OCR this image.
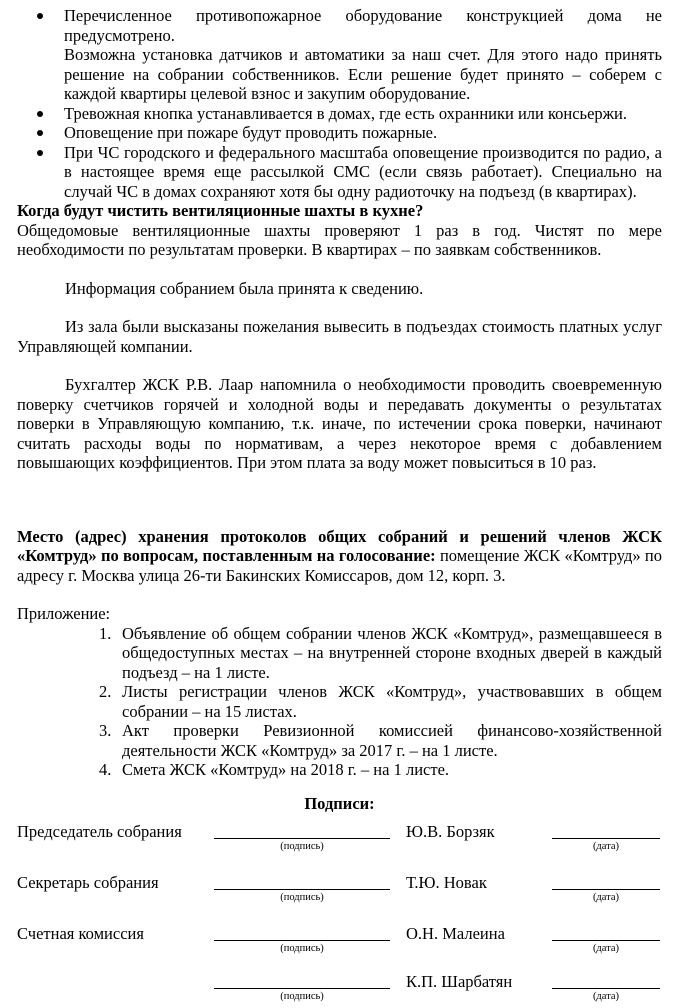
Перечисленное противопожарное оборудование конструкцией дома не предусмотрено.

Возможна установка датчиков и автоматики за наш счет. Для этого надо принять решение на собрании собственников. Если решение будет принято – соберем с каждой квартиры целевой взнос и закупим оборудование.

Тревожная кнопка устанавливается в домах, где есть охранники или консьержи.

Оповещение при пожаре будут проводить пожарные.

При ЧС городского и федерального масштаба оповещение производится по радио, а в настоящее время еще рассылкой СМС (если связь работает). Специально на случай ЧС в домах сохраняют хотя бы одну радиоточку на подъезд (в квартирах).

Когда будут чистить вентиляционные шахты в кухне?

Общедомовые вентиляционные шахты проверяют 1 раз в год. Чистят по мере необходимости по результатам проверки. В квартирах – по заявкам собственников.

Информация собранием была принята к сведению.

Из зала были высказаны пожелания вывесить в подъездах стоимость платных услуг Управляющей компании.

Бухгалтер ЖСК Р.В. Лаар напомнила о необходимости проводить своевременную поверку счетчиков горячей и холодной воды и передавать документы о результатах поверки в Управляющую компанию, т.к. иначе, по истечении срока поверки, начинают считать расходы воды по нормативам, а через некоторое время с добавлением повышающих коэффициентов. При этом плата за воду может повыситься в 10 раз.

Место (адрес) хранения протоколов общих собраний и решений членов ЖСК «Комтруд» по вопросам, поставленным на голосование: помещение ЖСК «Комтруд» по адресу г. Москва улица 26-ти Бакинских Комиссаров, дом 12, корп. 3.

Приложение:

1. Объявление об общем собрании членов ЖСК «Комтруд», размещавшееся в общедоступных местах – на внутренней стороне входных дверей в каждый подъезд – на 1 листе.
2. Листы регистрации членов ЖСК «Комтруд», участвовавших в общем собрании – на 15 листах.
3. Акт проверки Ревизионной комиссией финансово-хозяйственной деятельности ЖСК «Комтруд» за 2017 г. – на 1 листе.
4. Смета ЖСК «Комтруд» на 2018 г. – на 1 листе.

Подписи:

Председатель собрания
(подпись)
Ю.В. Борзяк
(дата)
Секретарь собрания
(подпись)
Т.Ю. Новак
(дата)
Счетная комиссия
(подпись)
О.Н. Малеина
(дата)
(подпись)
К.П. Шарбатян
(дата)
